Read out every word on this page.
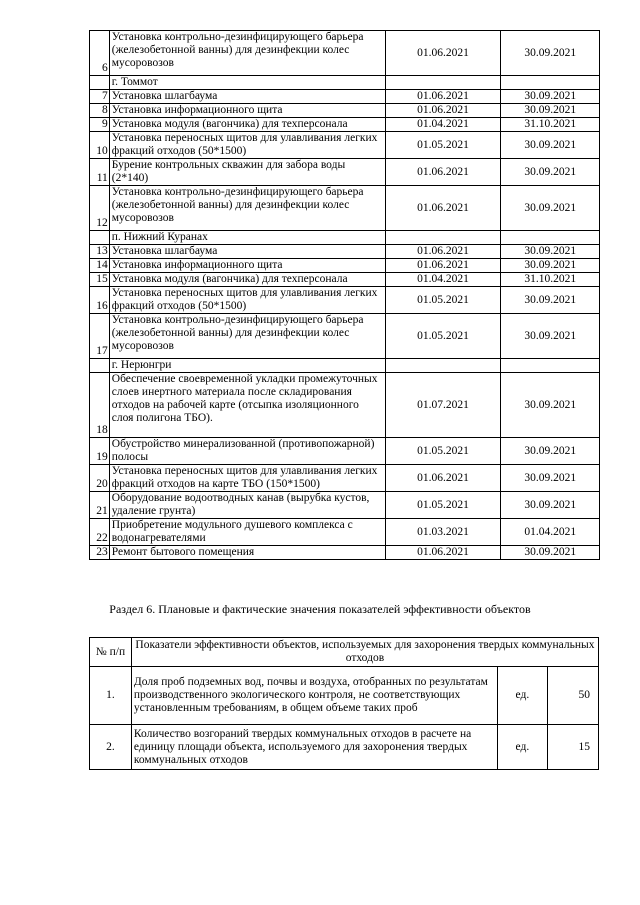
6	Установка контрольно-дезинфицирующего барьера (железобетонной ванны) для дезинфекции колес мусоровозов	01.06.2021	30.09.2021
	г. Томмот		
7	Установка шлагбаума	01.06.2021	30.09.2021
8	Установка информационного щита	01.06.2021	30.09.2021
9	Установка модуля (вагончика) для техперсонала	01.04.2021	31.10.2021
10	Установка переносных щитов для улавливания легких фракций отходов (50*1500)	01.05.2021	30.09.2021
11	Бурение контрольных скважин для забора воды (2*140)	01.06.2021	30.09.2021
12	Установка контрольно-дезинфицирующего барьера (железобетонной ванны) для дезинфекции колес мусоровозов	01.06.2021	30.09.2021
	п. Нижний Куранах		
13	Установка шлагбаума	01.06.2021	30.09.2021
14	Установка информационного щита	01.06.2021	30.09.2021
15	Установка модуля (вагончика) для техперсонала	01.04.2021	31.10.2021
16	Установка переносных щитов для улавливания легких фракций отходов (50*1500)	01.05.2021	30.09.2021
17	Установка контрольно-дезинфицирующего барьера (железобетонной ванны) для дезинфекции колес мусоровозов	01.05.2021	30.09.2021
	г. Нерюнгри		
18	Обеспечение своевременной укладки промежуточных слоев инертного материала после складирования отходов на рабочей карте (отсыпка изоляционного слоя полигона ТБО).	01.07.2021	30.09.2021
19	Обустройство минерализованной (противопожарной) полосы	01.05.2021	30.09.2021
20	Установка переносных щитов для улавливания легких фракций отходов на карте ТБО (150*1500)	01.06.2021	30.09.2021
21	Оборудование водоотводных канав (вырубка кустов, удаление грунта)	01.05.2021	30.09.2021
22	Приобретение модульного душевого комплекса с водонагревателями	01.03.2021	01.04.2021
23	Ремонт бытового помещения	01.06.2021	30.09.2021
Раздел 6. Плановые и фактические значения показателей эффективности объектов
№ п/п	Показатели эффективности объектов, используемых для захоронения твердых коммунальных отходов		
1.	Доля проб подземных вод, почвы и воздуха, отобранных по результатам производственного экологического контроля, не соответствующих установленным требованиям, в общем объеме таких проб	ед.	50
2.	Количество возгораний твердых коммунальных отходов в расчете на единицу площади объекта, используемого для захоронения твердых коммунальных отходов	ед.	15
